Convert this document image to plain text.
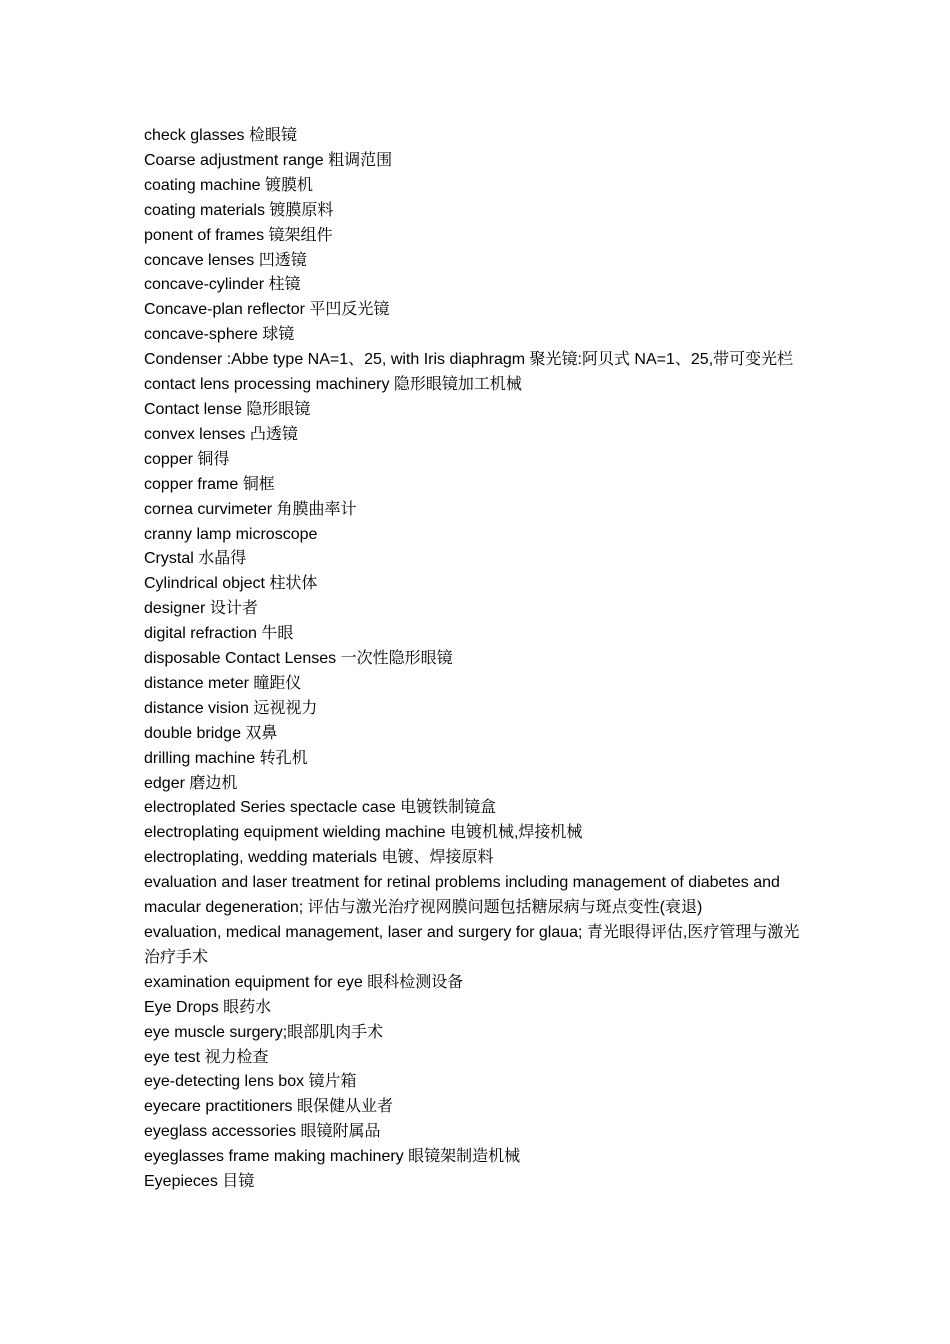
check glasses 检眼镜
Coarse adjustment range 粗调范围
coating machine 镀膜机
coating materials 镀膜原料
ponent of frames 镜架组件
concave lenses 凹透镜
concave-cylinder 柱镜
Concave-plan reflector 平凹反光镜
concave-sphere 球镜
Condenser :Abbe type NA=1、25, with Iris diaphragm 聚光镜:阿贝式 NA=1、25,带可变光栏
contact lens processing machinery 隐形眼镜加工机械
Contact lense 隐形眼镜
convex lenses 凸透镜
copper 铜得
copper frame 铜框
cornea curvimeter 角膜曲率计
cranny lamp microscope
Crystal 水晶得
Cylindrical object 柱状体
designer 设计者
digital refraction 牛眼
disposable Contact Lenses 一次性隐形眼镜
distance meter 瞳距仪
distance vision 远视视力
double bridge 双鼻
drilling machine 转孔机
edger 磨边机
electroplated Series spectacle case 电镀铁制镜盒
electroplating equipment wielding machine 电镀机械,焊接机械
electroplating, wedding materials 电镀、焊接原料
evaluation and laser treatment for retinal problems including management of diabetes and macular degeneration; 评估与激光治疗视网膜问题包括糖尿病与斑点变性(衰退)
evaluation, medical management, laser and surgery for glaua; 青光眼得评估,医疗管理与激光治疗手术
examination equipment for eye 眼科检测设备
Eye Drops 眼药水
eye muscle surgery;眼部肌肉手术
eye test 视力检查
eye-detecting lens box 镜片箱
eyecare practitioners 眼保健从业者
eyeglass accessories 眼镜附属品
eyeglasses frame making machinery 眼镜架制造机械
Eyepieces 目镜
